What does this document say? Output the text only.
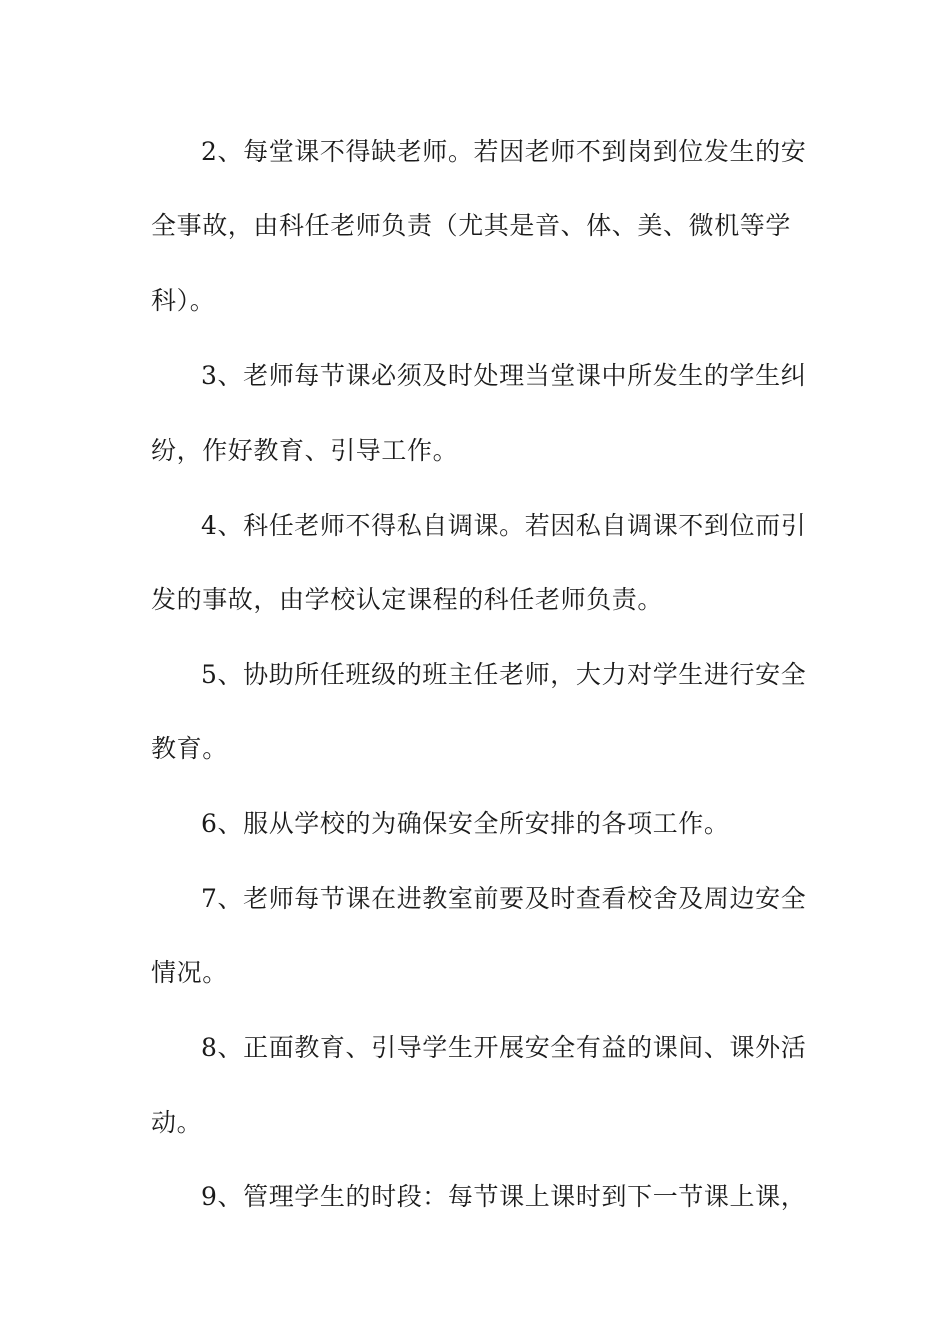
2、每堂课不得缺老师。若因老师不到岗到位发生的安
全事故，由科任老师负责（尤其是音、体、美、微机等学
科）。
3、老师每节课必须及时处理当堂课中所发生的学生纠
纷，作好教育、引导工作。
4、科任老师不得私自调课。若因私自调课不到位而引
发的事故，由学校认定课程的科任老师负责。
5、协助所任班级的班主任老师，大力对学生进行安全
教育。
6、服从学校的为确保安全所安排的各项工作。
7、老师每节课在进教室前要及时查看校舍及周边安全
情况。
8、正面教育、引导学生开展安全有益的课间、课外活
动。
9、管理学生的时段：每节课上课时到下一节课上课，
